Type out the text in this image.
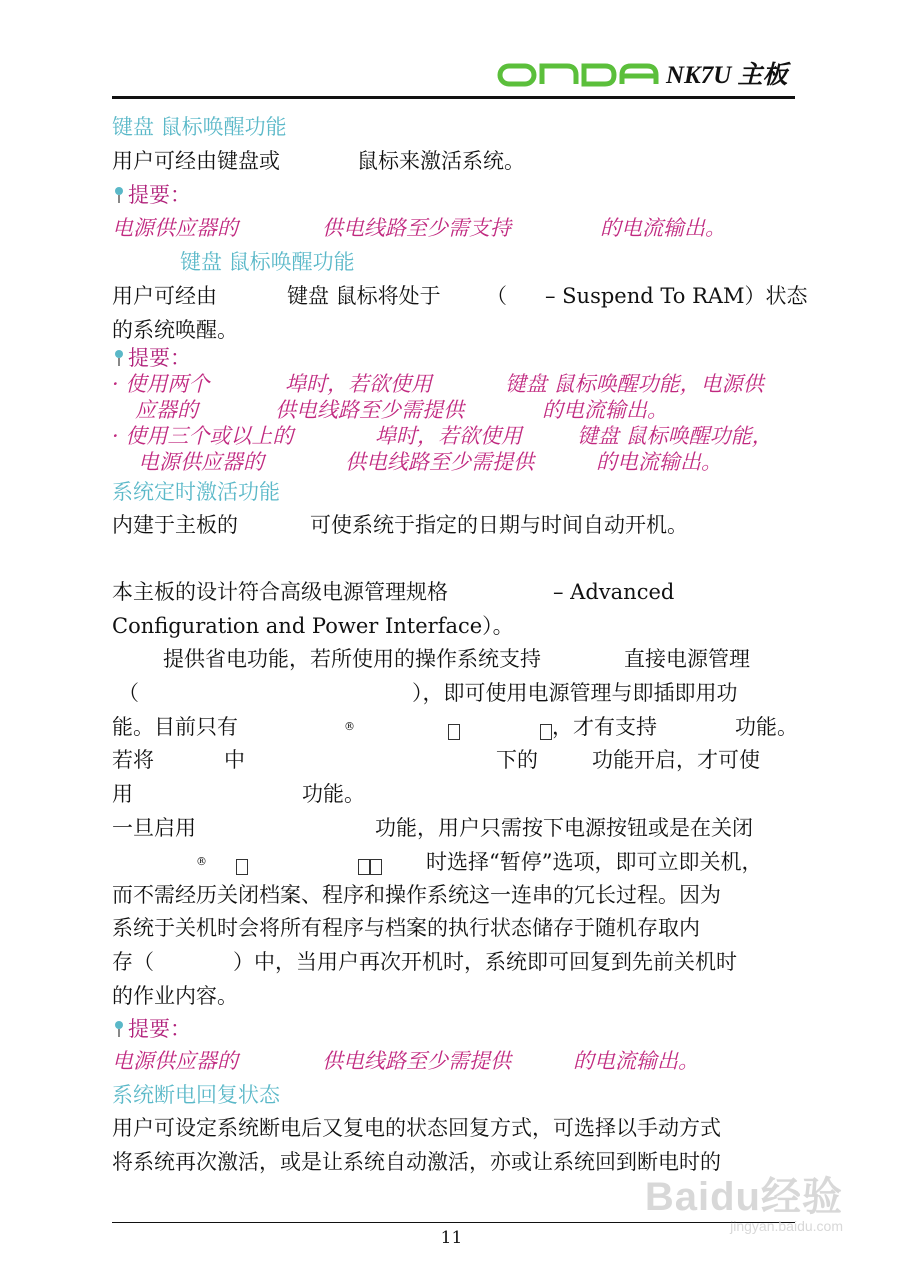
NK7U 主板
键盘 鼠标唤醒功能
用户可经由键盘或	鼠标来激活系统。
提要：
电源供应器的	供电线路至少需支持	的电流输出。
键盘 鼠标唤醒功能
用户可经由	键盘 鼠标将处于 （ – Suspend To RAM）状态
的系统唤醒。
提要：
· 使用两个	埠时，若欲使用	键盘 鼠标唤醒功能，电源供
应器的	供电线路至少需提供	的电流输出。
· 使用三个或以上的	埠时，若欲使用	键盘 鼠标唤醒功能，
电源供应器的	供电线路至少需提供	的电流输出。
系统定时激活功能
内建于主板的	可使系统于指定的日期与时间自动开机。
本主板的设计符合高级电源管理规格	– Advanced
Configuration and Power Interface）。
提供省电功能，若所使用的操作系统支持	直接电源管理
（	），即可使用电源管理与即插即用功
能。目前只有	®	，才有支持	功能。
若将	中	下的	功能开启，才可使
用	功能。
一旦启用	功能，用户只需按下电源按钮或是在关闭
®	时选择“暂停”选项，即可立即关机，
而不需经历关闭档案、程序和操作系统这一连串的冗长过程。因为
系统于关机时会将所有程序与档案的执行状态储存于随机存取内
存（	）中，当用户再次开机时，系统即可回复到先前关机时
的作业内容。
提要：
电源供应器的	供电线路至少需提供	的电流输出。
系统断电回复状态
用户可设定系统断电后又复电的状态回复方式，可选择以手动方式
将系统再次激活，或是让系统自动激活，亦或让系统回到断电时的
11
Baidu经验
jingyan.baidu.com
